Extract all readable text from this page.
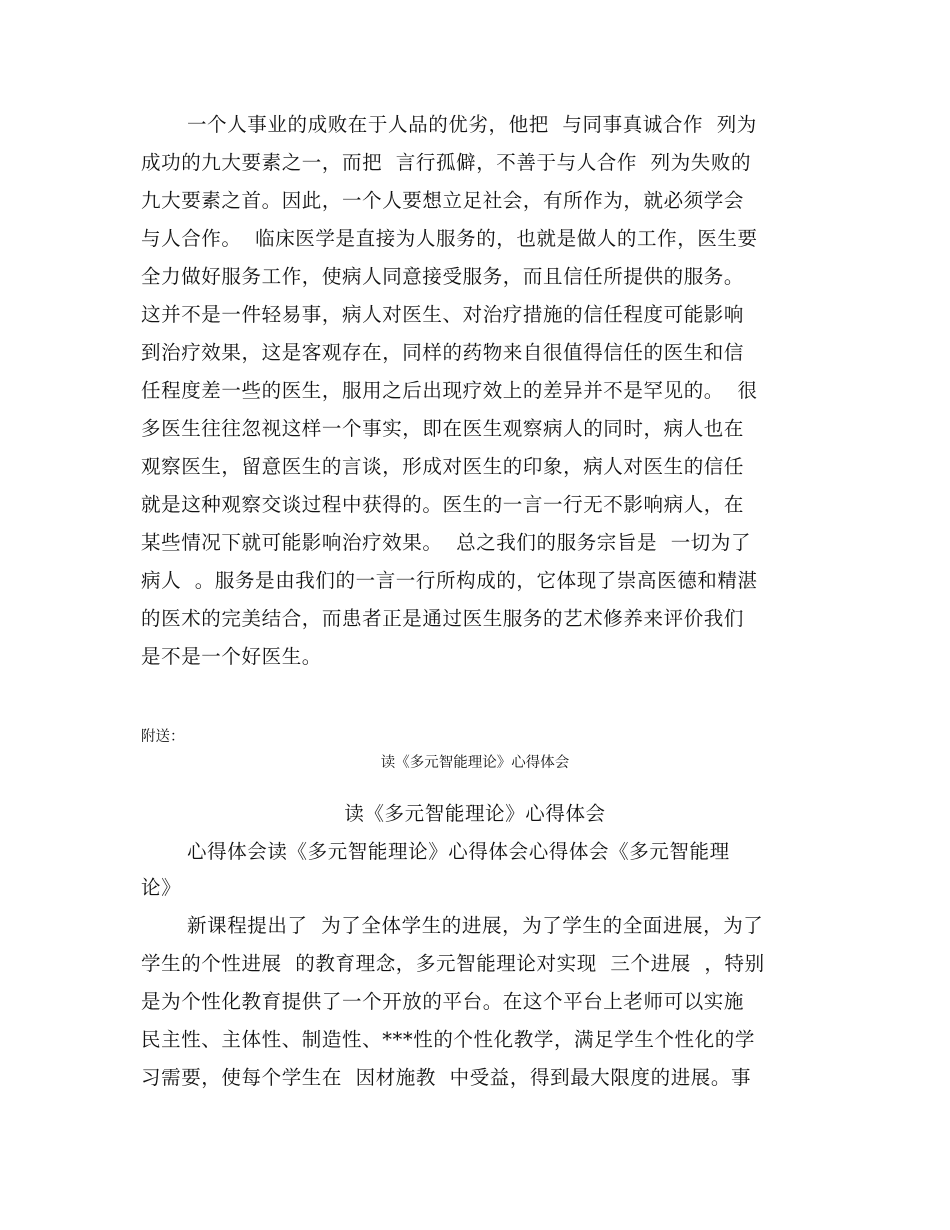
一个人事业的成败在于人品的优劣，他把  与同事真诚合作  列为
成功的九大要素之一，而把  言行孤僻，不善于与人合作  列为失败的
九大要素之首。因此，一个人要想立足社会，有所作为，就必须学会
与人合作。  临床医学是直接为人服务的，也就是做人的工作，医生要
全力做好服务工作，使病人同意接受服务，而且信任所提供的服务。
这并不是一件轻易事，病人对医生、对治疗措施的信任程度可能影响
到治疗效果，这是客观存在，同样的药物来自很值得信任的医生和信
任程度差一些的医生，服用之后出现疗效上的差异并不是罕见的。  很
多医生往往忽视这样一个事实，即在医生观察病人的同时，病人也在
观察医生，留意医生的言谈，形成对医生的印象，病人对医生的信任
就是这种观察交谈过程中获得的。医生的一言一行无不影响病人，在
某些情况下就可能影响治疗效果。  总之我们的服务宗旨是  一切为了
病人  。服务是由我们的一言一行所构成的，它体现了崇高医德和精湛
的医术的完美结合，而患者正是通过医生服务的艺术修养来评价我们
是不是一个好医生。
附送：
读《多元智能理论》心得体会
读《多元智能理论》心得体会
心得体会读《多元智能理论》心得体会心得体会《多元智能理
论》
新课程提出了  为了全体学生的进展，为了学生的全面进展，为了
学生的个性进展  的教育理念，多元智能理论对实现  三个进展  ，特别
是为个性化教育提供了一个开放的平台。在这个平台上老师可以实施
民主性、主体性、制造性、***性的个性化教学，满足学生个性化的学
习需要，使每个学生在  因材施教  中受益，得到最大限度的进展。事
